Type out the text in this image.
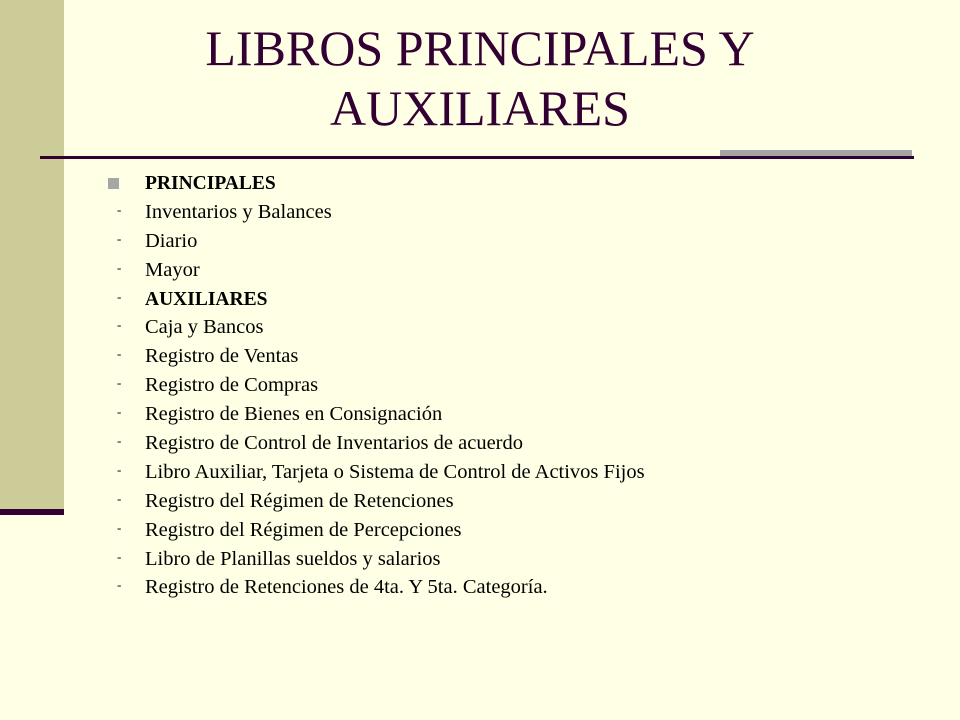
LIBROS PRINCIPALES Y
AUXILIARES
PRINCIPALES
- Inventarios y Balances
- Diario
- Mayor
- AUXILIARES
- Caja y Bancos
- Registro de Ventas
- Registro de Compras
- Registro de Bienes en Consignación
- Registro de Control de Inventarios de acuerdo
- Libro Auxiliar, Tarjeta o Sistema de Control de Activos Fijos
- Registro del Régimen de Retenciones
- Registro del Régimen de Percepciones
- Libro de Planillas sueldos y salarios
- Registro de Retenciones de 4ta. Y 5ta. Categoría.
